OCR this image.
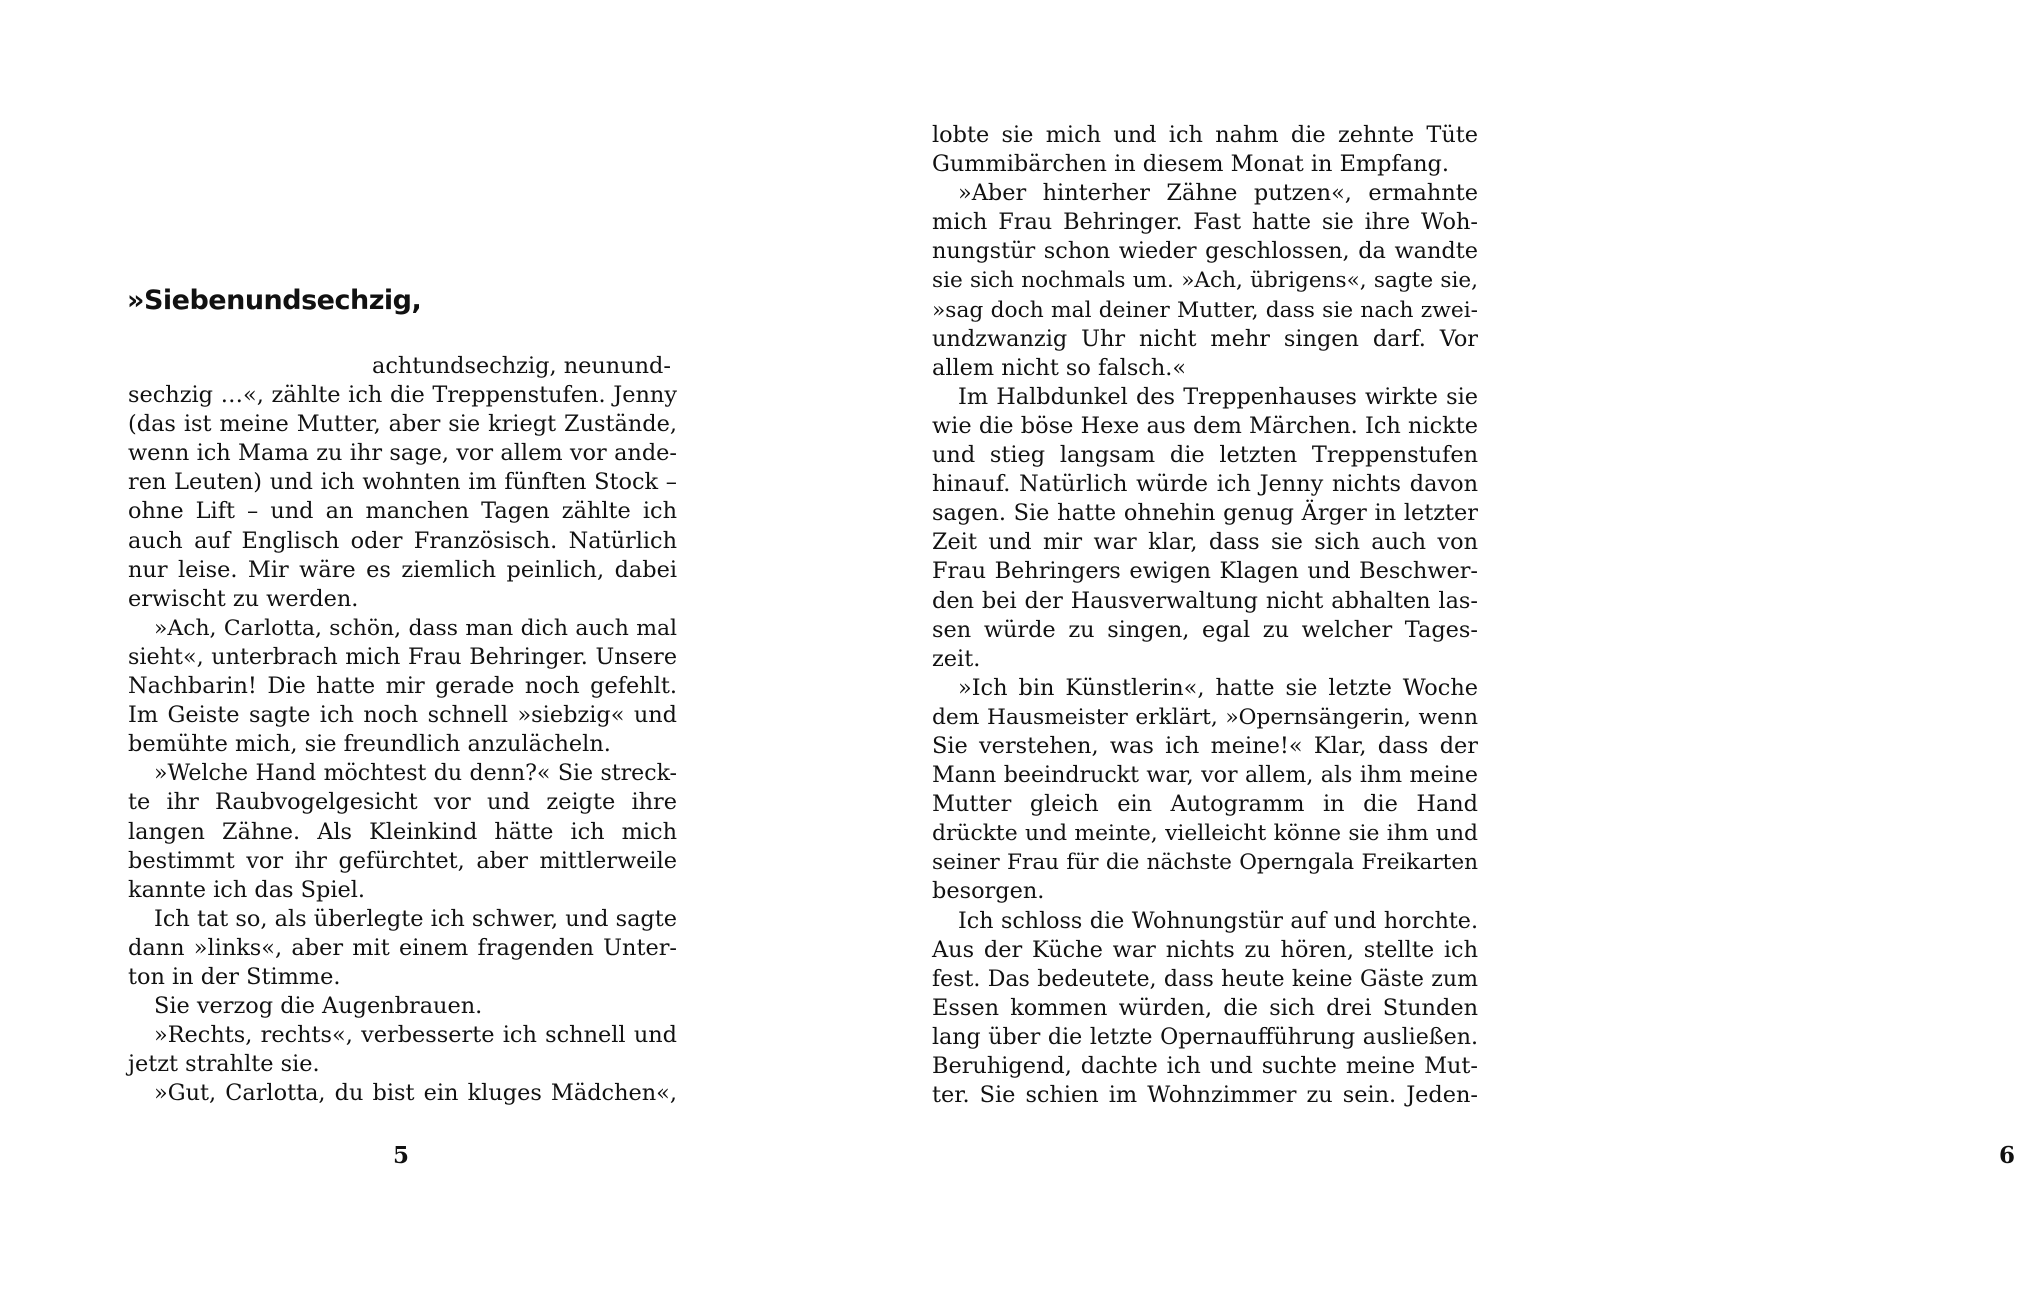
»Siebenundsechzig,
achtundsechzig, neunund-
sechzig …«, zählte ich die Treppenstufen. Jenny
(das ist meine Mutter, aber sie kriegt Zustände,
wenn ich Mama zu ihr sage, vor allem vor ande-
ren Leuten) und ich wohnten im fünften Stock –
ohne Lift – und an manchen Tagen zählte ich
auch auf Englisch oder Französisch. Natürlich
nur leise. Mir wäre es ziemlich peinlich, dabei
erwischt zu werden.
»Ach, Carlotta, schön, dass man dich auch mal
sieht«, unterbrach mich Frau Behringer. Unsere
Nachbarin! Die hatte mir gerade noch gefehlt.
Im Geiste sagte ich noch schnell »siebzig« und
bemühte mich, sie freundlich anzulächeln.
»Welche Hand möchtest du denn?« Sie streck-
te ihr Raubvogelgesicht vor und zeigte ihre
langen Zähne. Als Kleinkind hätte ich mich
bestimmt vor ihr gefürchtet, aber mittlerweile
kannte ich das Spiel.
Ich tat so, als überlegte ich schwer, und sagte
dann »links«, aber mit einem fragenden Unter-
ton in der Stimme.
Sie verzog die Augenbrauen.
»Rechts, rechts«, verbesserte ich schnell und
jetzt strahlte sie.
»Gut, Carlotta, du bist ein kluges Mädchen«,
5
lobte sie mich und ich nahm die zehnte Tüte
Gummibärchen in diesem Monat in Empfang.
»Aber hinterher Zähne putzen«, ermahnte
mich Frau Behringer. Fast hatte sie ihre Woh-
nungstür schon wieder geschlossen, da wandte
sie sich nochmals um. »Ach, übrigens«, sagte sie,
»sag doch mal deiner Mutter, dass sie nach zwei-
undzwanzig Uhr nicht mehr singen darf. Vor
allem nicht so falsch.«
Im Halbdunkel des Treppenhauses wirkte sie
wie die böse Hexe aus dem Märchen. Ich nickte
und stieg langsam die letzten Treppenstufen
hinauf. Natürlich würde ich Jenny nichts davon
sagen. Sie hatte ohnehin genug Ärger in letzter
Zeit und mir war klar, dass sie sich auch von
Frau Behringers ewigen Klagen und Beschwer-
den bei der Hausverwaltung nicht abhalten las-
sen würde zu singen, egal zu welcher Tages-
zeit.
»Ich bin Künstlerin«, hatte sie letzte Woche
dem Hausmeister erklärt, »Opernsängerin, wenn
Sie verstehen, was ich meine!« Klar, dass der
Mann beeindruckt war, vor allem, als ihm meine
Mutter gleich ein Autogramm in die Hand
drückte und meinte, vielleicht könne sie ihm und
seiner Frau für die nächste Operngala Freikarten
besorgen.
Ich schloss die Wohnungstür auf und horchte.
Aus der Küche war nichts zu hören, stellte ich
fest. Das bedeutete, dass heute keine Gäste zum
Essen kommen würden, die sich drei Stunden
lang über die letzte Opernaufführung ausließen.
Beruhigend, dachte ich und suchte meine Mut-
ter. Sie schien im Wohnzimmer zu sein. Jeden-
6
